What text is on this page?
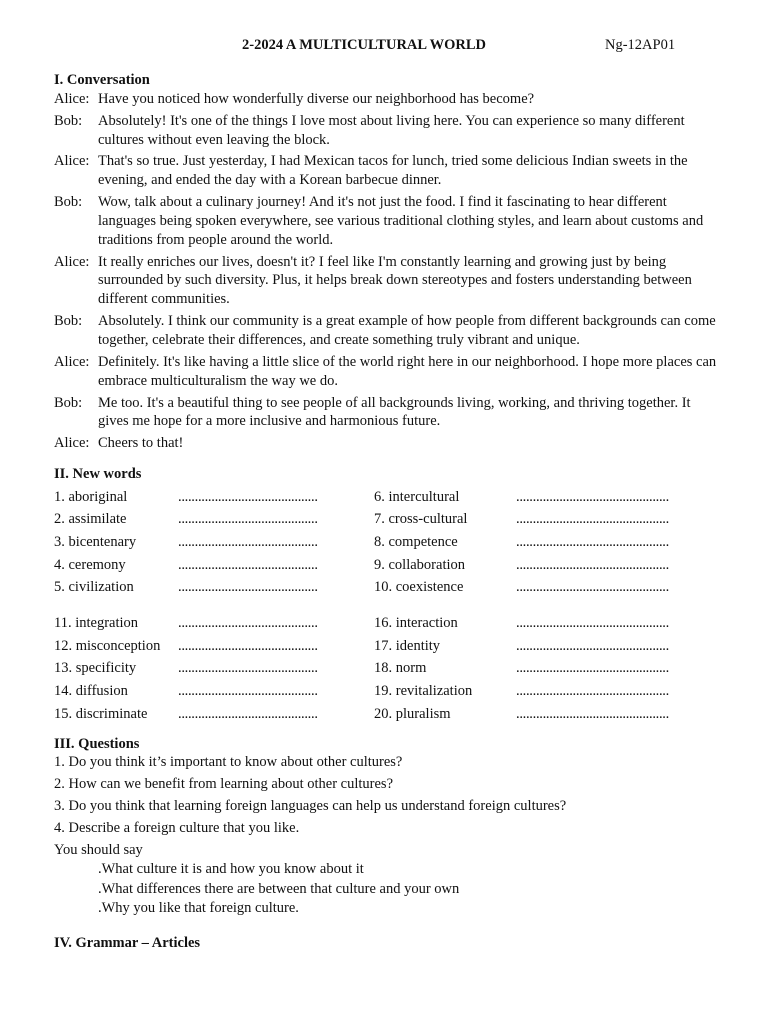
2-2024 A MULTICULTURAL WORLD	Ng-12AP01
I. Conversation
Alice: Have you noticed how wonderfully diverse our neighborhood has become?
Bob:	Absolutely! It's one of the things I love most about living here. You can experience so many different cultures without even leaving the block.
Alice: That's so true. Just yesterday, I had Mexican tacos for lunch, tried some delicious Indian sweets in the evening, and ended the day with a Korean barbecue dinner.
Bob:	Wow, talk about a culinary journey! And it's not just the food. I find it fascinating to hear different languages being spoken everywhere, see various traditional clothing styles, and learn about customs and traditions from people around the world.
Alice: It really enriches our lives, doesn't it? I feel like I'm constantly learning and growing just by being surrounded by such diversity. Plus, it helps break down stereotypes and fosters understanding between different communities.
Bob:	Absolutely. I think our community is a great example of how people from different backgrounds can come together, celebrate their differences, and create something truly vibrant and unique.
Alice: Definitely. It's like having a little slice of the world right here in our neighborhood. I hope more places can embrace multiculturalism the way we do.
Bob:	Me too. It's a beautiful thing to see people of all backgrounds living, working, and thriving together. It gives me hope for a more inclusive and harmonious future.
Alice: Cheers to that!
II. New words
1. aboriginal	..........................................	6. intercultural	..............................................
2. assimilate	..........................................	7. cross-cultural	..............................................
3. bicentenary	..........................................	8. competence	..............................................
4. ceremony	..........................................	9. collaboration	..............................................
5. civilization	..........................................	10. coexistence	..............................................
11. integration	..........................................	16. interaction	..............................................
12. misconception	..........................................	17. identity	..............................................
13. specificity	..........................................	18. norm	..............................................
14. diffusion	..........................................	19. revitalization	..............................................
15. discriminate	..........................................	20. pluralism	..............................................
III. Questions
1. Do you think it’s important to know about other cultures?
2. How can we benefit from learning about other cultures?
3. Do you think that learning foreign languages can help us understand foreign cultures?
4. Describe a foreign culture that you like.
You should say
.What culture it is and how you know about it
.What differences there are between that culture and your own
.Why you like that foreign culture.
IV. Grammar – Articles
